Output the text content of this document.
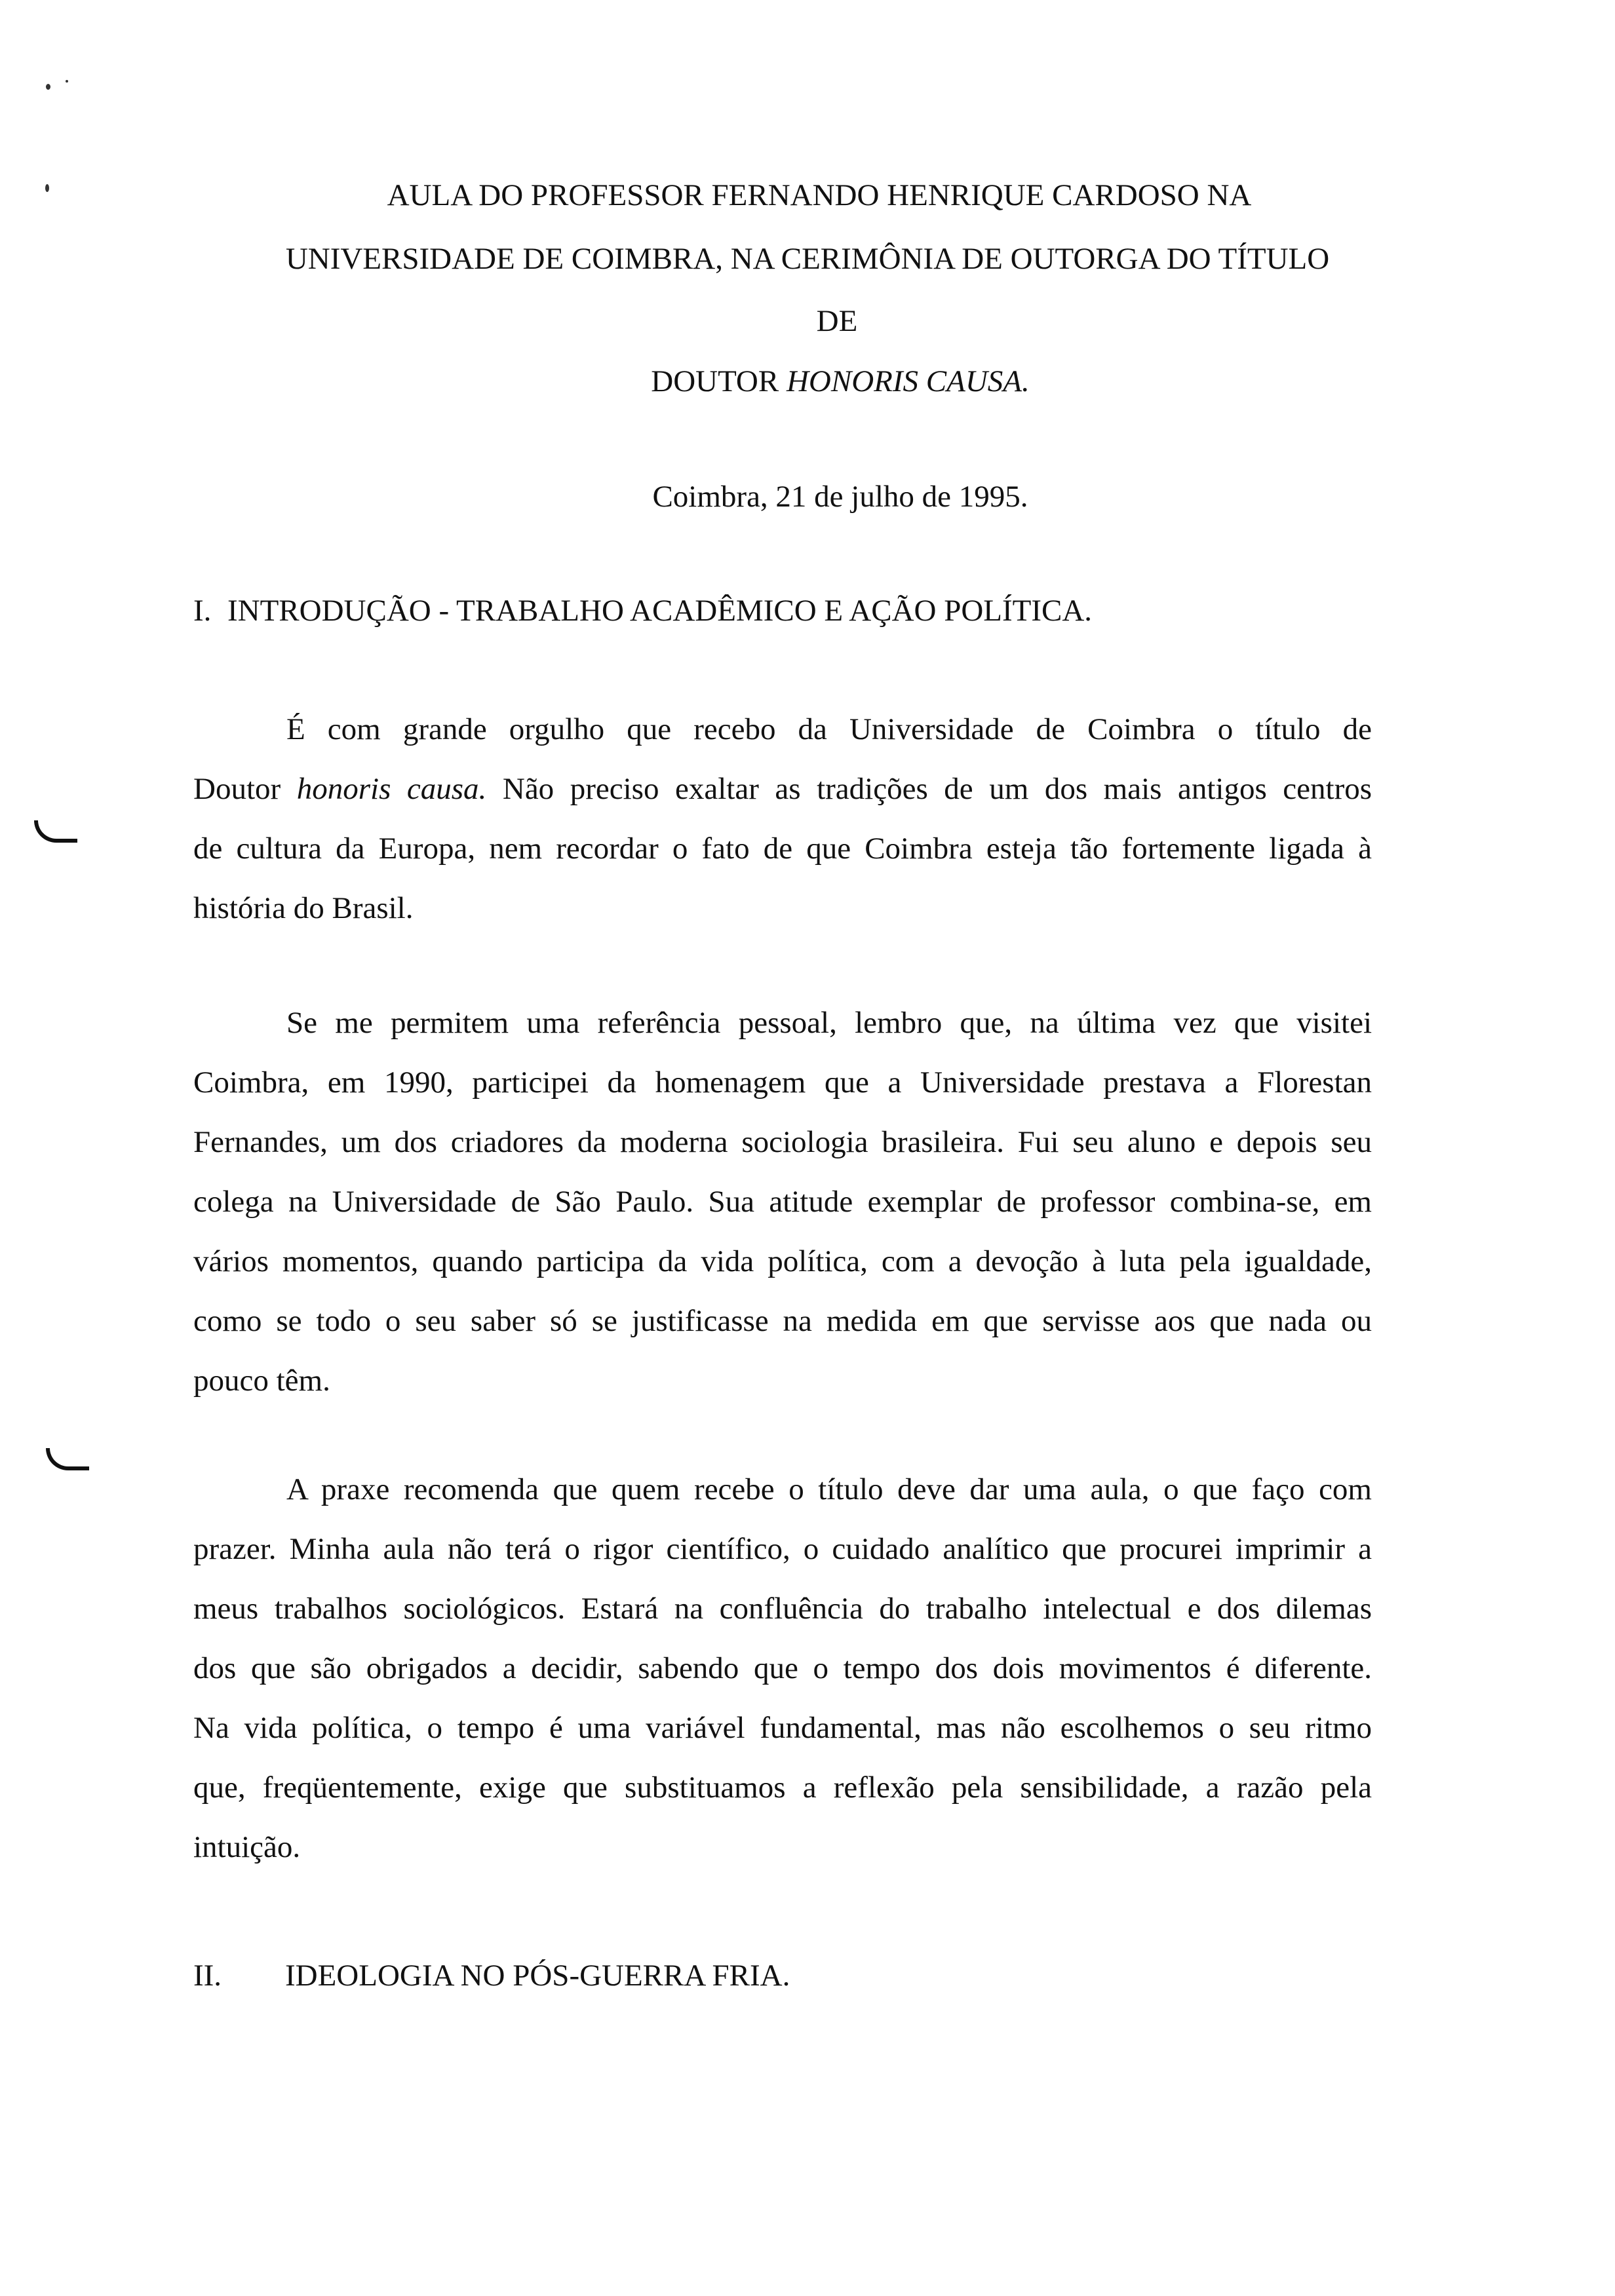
AULA DO PROFESSOR FERNANDO HENRIQUE CARDOSO NA
UNIVERSIDADE DE COIMBRA, NA CERIMÔNIA DE OUTORGA DO TÍTULO
DE
DOUTOR HONORIS CAUSA.
Coimbra, 21 de julho de 1995.
I. INTRODUÇÃO - TRABALHO ACADÊMICO E AÇÃO POLÍTICA.
É com grande orgulho que recebo da Universidade de Coimbra o título de
Doutor honoris causa. Não preciso exaltar as tradições de um dos mais antigos centros
de cultura da Europa, nem recordar o fato de que Coimbra esteja tão fortemente ligada à
história do Brasil.
Se me permitem uma referência pessoal, lembro que, na última vez que visitei
Coimbra, em 1990, participei da homenagem que a Universidade prestava a Florestan
Fernandes, um dos criadores da moderna sociologia brasileira. Fui seu aluno e depois seu
colega na Universidade de São Paulo. Sua atitude exemplar de professor combina-se, em
vários momentos, quando participa da vida política, com a devoção à luta pela igualdade,
como se todo o seu saber só se justificasse na medida em que servisse aos que nada ou
pouco têm.
A praxe recomenda que quem recebe o título deve dar uma aula, o que faço com
prazer. Minha aula não terá o rigor científico, o cuidado analítico que procurei imprimir a
meus trabalhos sociológicos. Estará na confluência do trabalho intelectual e dos dilemas
dos que são obrigados a decidir, sabendo que o tempo dos dois movimentos é diferente.
Na vida política, o tempo é uma variável fundamental, mas não escolhemos o seu ritmo
que, freqüentemente, exige que substituamos a reflexão pela sensibilidade, a razão pela
intuição.
II. IDEOLOGIA NO PÓS-GUERRA FRIA.
